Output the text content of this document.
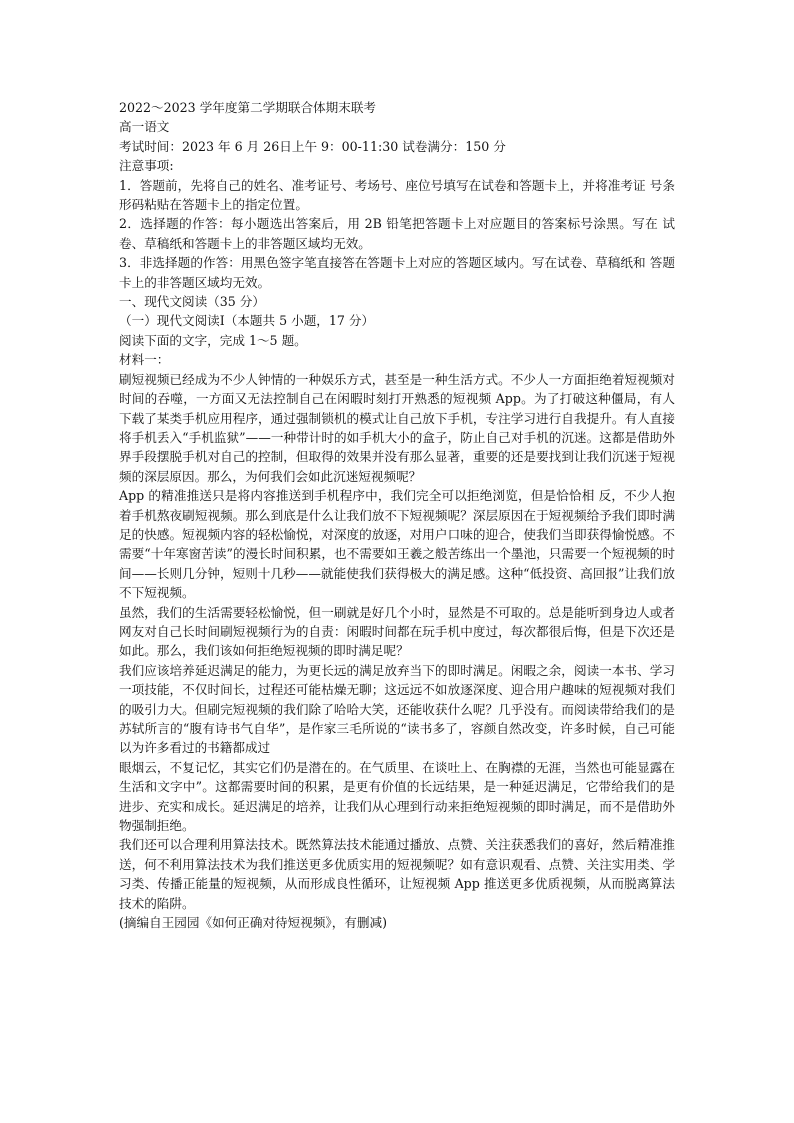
2022～2023 学年度第二学期联合体期末联考
高一语文
考试时间：2023 年 6 月 26日上午 9：00-11:30 试卷满分：150 分
注意事项:
1．答题前，先将自己的姓名、准考证号、考场号、座位号填写在试卷和答题卡上，并将准考证 号条形码粘贴在答题卡上的指定位置。
2．选择题的作答：每小题选出答案后，用 2B 铅笔把答题卡上对应题目的答案标号涂黑。写在 试卷、草稿纸和答题卡上的非答题区域均无效。
3．非选择题的作答：用黑色签字笔直接答在答题卡上对应的答题区域内。写在试卷、草稿纸和 答题卡上的非答题区域均无效。
一、现代文阅读（35 分）
（一）现代文阅读Ⅰ（本题共 5 小题，17 分）
阅读下面的文字，完成 1～5 题。
材料一：
刷短视频已经成为不少人钟情的一种娱乐方式，甚至是一种生活方式。不少人一方面拒绝着短视频对时间的吞噬，一方面又无法控制自己在闲暇时刻打开熟悉的短视频 App。为了打破这种僵局，有人下载了某类手机应用程序，通过强制锁机的模式让自己放下手机，专注学习进行自我提升。有人直接将手机丢入“手机监狱”——一种带计时的如手机大小的盒子，防止自己对手机的沉迷。这都是借助外界手段摆脱手机对自己的控制，但取得的效果并没有那么显著，重要的还是要找到让我们沉迷于短视频的深层原因。那么，为何我们会如此沉迷短视频呢？
App 的精准推送只是将内容推送到手机程序中，我们完全可以拒绝浏览，但是恰恰相 反，不少人抱着手机熬夜刷短视频。那么到底是什么让我们放不下短视频呢？深层原因在于短视频给予我们即时满足的快感。短视频内容的轻松愉悦，对深度的放逐，对用户口味的迎合，使我们当即获得愉悦感。不需要“十年寒窗苦读”的漫长时间积累，也不需要如王羲之般苦练出一个墨池，只需要一个短视频的时间——长则几分钟，短则十几秒——就能使我们获得极大的满足感。这种“低投资、高回报”让我们放不下短视频。
虽然，我们的生活需要轻松愉悦，但一刷就是好几个小时，显然是不可取的。总是能听到身边人或者网友对自己长时间刷短视频行为的自责：闲暇时间都在玩手机中度过，每次都很后悔，但是下次还是如此。那么，我们该如何拒绝短视频的即时满足呢？
我们应该培养延迟满足的能力，为更长远的满足放弃当下的即时满足。闲暇之余，阅读一本书、学习一项技能，不仅时间长，过程还可能枯燥无聊；这远远不如放逐深度、迎合用户趣味的短视频对我们的吸引力大。但刷完短视频的我们除了哈哈大笑，还能收获什么呢？几乎没有。而阅读带给我们的是苏轼所言的“腹有诗书气自华”，是作家三毛所说的“读书多了，容颜自然改变，许多时候，自己可能以为许多看过的书籍都成过
眼烟云，不复记忆，其实它们仍是潜在的。在气质里、在谈吐上、在胸襟的无涯，当然也可能显露在生活和文字中”。这都需要时间的积累，是更有价值的长远结果，是一种延迟满足，它带给我们的是进步、充实和成长。延迟满足的培养，让我们从心理到行动来拒绝短视频的即时满足，而不是借助外物强制拒绝。
我们还可以合理利用算法技术。既然算法技术能通过播放、点赞、关注获悉我们的喜好，然后精准推送，何不利用算法技术为我们推送更多优质实用的短视频呢？如有意识观看、点赞、关注实用类、学习类、传播正能量的短视频，从而形成良性循环，让短视频 App 推送更多优质视频，从而脱离算法技术的陷阱。
(摘编自王园园《如何正确对待短视频》，有删减)
